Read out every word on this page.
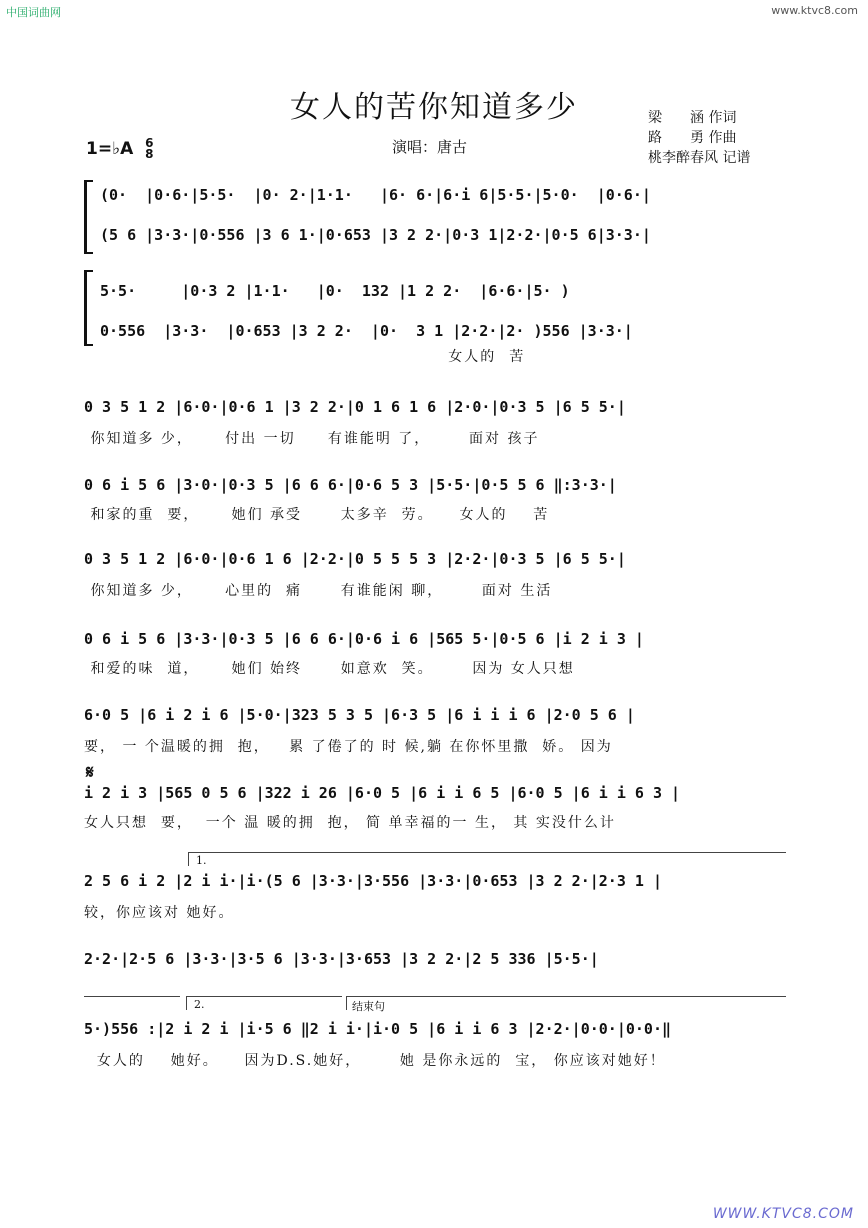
中国词曲网	www.ktvc8.com
女人的苦你知道多少	梁　　涵 作词
路　　勇 作曲
桃李醉春风 记谱
演唱：唐古
1=♭A 6
8
(0·  |0·6·|5·5·  |0· 2·|1·1·   |6· 6·|6·i 6|5·5·|5·0·  |0·6·|
(5 6 |3·3·|0·556 |3 6 1·|0·653 |3 2 2·|0·3 1|2·2·|0·5 6|3·3·|
5·5·     |0·3 2 |1·1·   |0·  132 |1 2 2·  |6·6·|5· )
0·556  |3·3·  |0·653 |3 2 2·  |0·  3 1 |2·2·|2· )556 |3·3·|
女人的  苦
0 3 5 1 2 |6·0·|0·6 1 |3 2 2·|0 1 6 1 6 |2·0·|0·3 5 |6 5 5·|
你知道多 少，     付出 一切     有谁能明 了，      面对 孩子
0 6 i 5 6 |3·0·|0·3 5 |6 6 6·|0·6 5 3 |5·5·|0·5 5 6 ‖:3·3·|
和家的重  要，     她们 承受      太多辛  劳。    女人的    苦
0 3 5 1 2 |6·0·|0·6 1 6 |2·2·|0 5 5 5 3 |2·2·|0·3 5 |6 5 5·|
你知道多 少，     心里的  痛      有谁能闲 聊，      面对 生活
0 6 i 5 6 |3·3·|0·3 5 |6 6 6·|0·6 i 6 |565 5·|0·5 6 |i 2 i 3 |
和爱的味  道，     她们 始终      如意欢  笑。      因为 女人只想
6·0 5 |6 i 2 i 6 |5·0·|323 5 3 5 |6·3 5 |6 i i i 6 |2·0 5 6 |
要， 一 个温暖的拥  抱，   累 了倦了的 时 候,躺 在你怀里撒  娇。 因为
𝄋
i 2 i 3 |565 0 5 6 |322 i 26 |6·0 5 |6 i i 6 5 |6·0 5 |6 i i 6 3 |
女人只想  要，  一个 温 暖的拥  抱， 简 单幸福的一 生， 其 实没什么计
1.
2 5 6 i 2 |2 i i·|i·(5 6 |3·3·|3·556 |3·3·|0·653 |3 2 2·|2·3 1 |
较，你应该对 她好。
2·2·|2·5 6 |3·3·|3·5 6 |3·3·|3·653 |3 2 2·|2 5 336 |5·5·|
2.	结束句
5·)556 :|2 i 2 i |i·5 6 ‖2 i i·|i·0 5 |6 i i 6 3 |2·2·|0·0·|0·0·‖
女人的    她好。    因为D.S.她好，      她 是你永远的  宝， 你应该对她好！
WWW.KTVC8.COM
